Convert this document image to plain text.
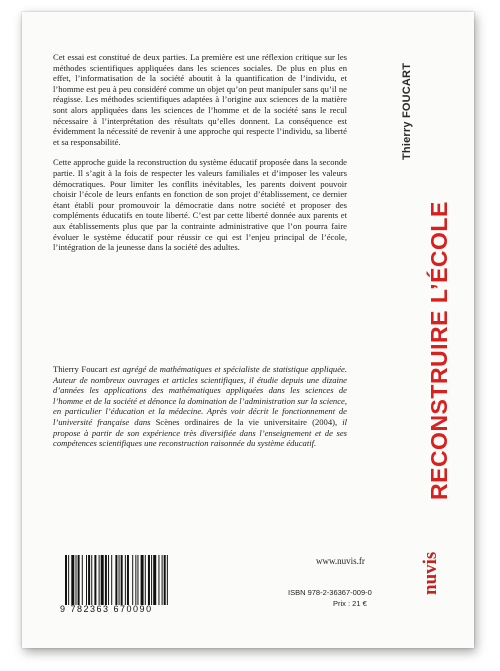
Cet essai est constitué de deux parties. La première est une réflexion critique sur les méthodes scientifiques appliquées dans les sciences sociales. De plus en plus en effet, l’informatisation de la société aboutit à la quantification de l’individu, et l’homme est peu à peu considéré comme un objet qu’on peut manipuler sans qu’il ne réagisse. Les méthodes scientifiques adaptées à l’origine aux sciences de la matière sont alors appliquées dans les sciences de l’homme et de la société sans le recul nécessaire à l’interprétation des résultats qu’elles donnent. La conséquence est évidemment la nécessité de revenir à une approche qui respecte l’individu, sa liberté et sa responsabilité.

Cette approche guide la reconstruction du système éducatif proposée dans la seconde partie. Il s’agit à la fois de respecter les valeurs familiales et d’imposer les valeurs démocratiques. Pour limiter les conflits inévitables, les parents doivent pouvoir choisir l’école de leurs enfants en fonction de son projet d’établissement, ce dernier étant établi pour promouvoir la démocratie dans notre société et proposer des compléments éducatifs en toute liberté. C’est par cette liberté donnée aux parents et aux établissements plus que par la contrainte administrative que l’on pourra faire évoluer le système éducatif pour réussir ce qui est l’enjeu principal de l’école, l’intégration de la jeunesse dans la société des adultes.

Thierry Foucart est agrégé de mathématiques et spécialiste de statistique appliquée. Auteur de nombreux ouvrages et articles scientifiques, il étudie depuis une dizaine d’années les applications des mathématiques appliquées dans les sciences de l’homme et de la société et dénonce la domination de l’administration sur la science, en particulier l’éducation et la médecine. Après voir décrit le fonctionnement de l’université française dans Scènes ordinaires de la vie universitaire (2004), il propose à partir de son expérience très diversifiée dans l’enseignement et de ses compétences scientifiques une reconstruction raisonnée du système éducatif.

Thierry FOUCART
RECONSTRUIRE L’ÉCOLE
nuvis
www.nuvis.fr
ISBN 978-2-36367-009-0
Prix : 21 €
9 782363 670090
